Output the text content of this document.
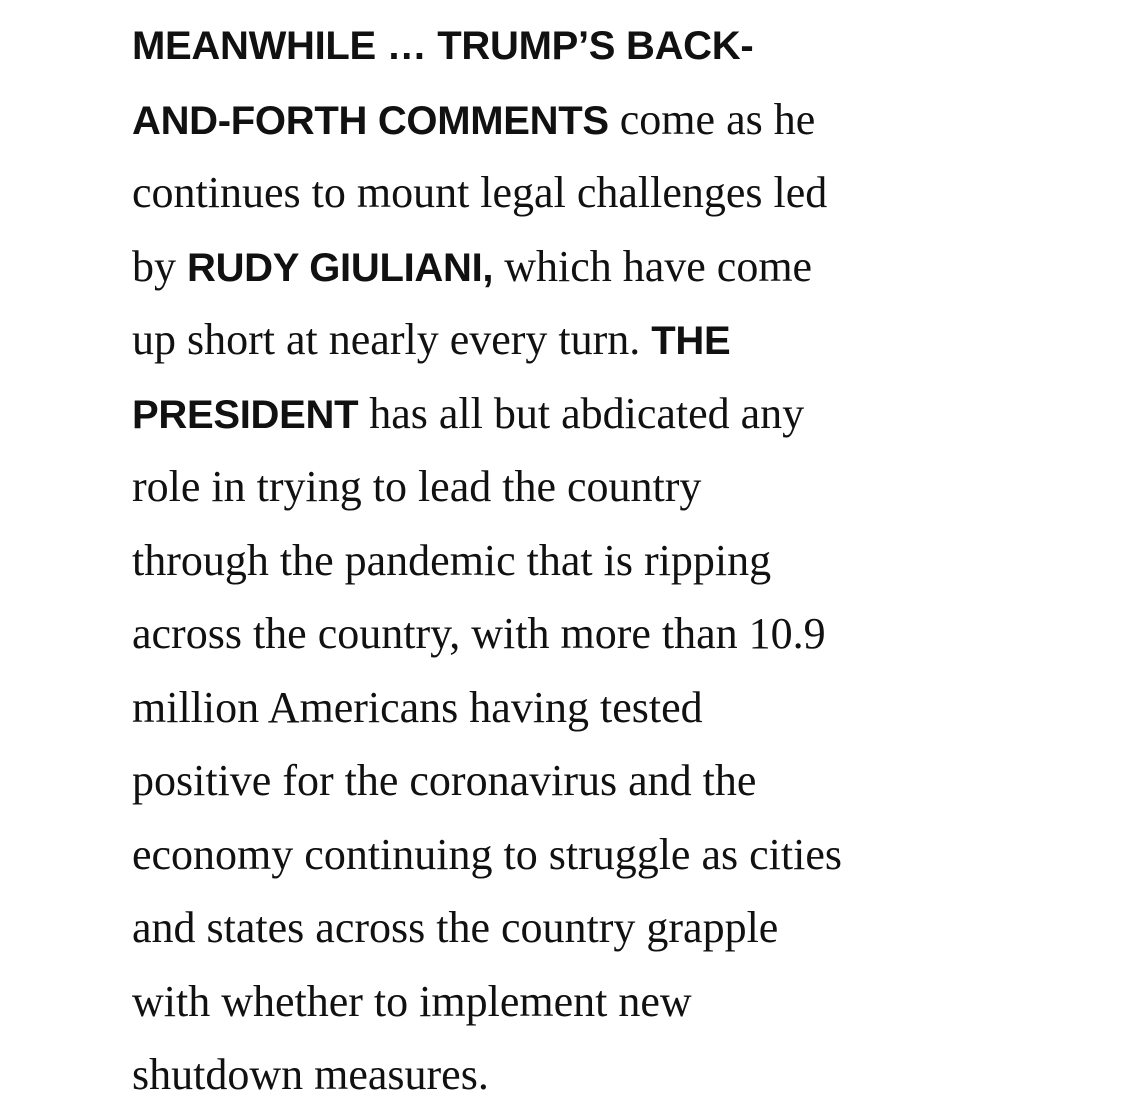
MEANWHILE … TRUMP’S BACK-
AND-FORTH COMMENTS come as he
continues to mount legal challenges led
by RUDY GIULIANI, which have come
up short at nearly every turn. THE
PRESIDENT has all but abdicated any
role in trying to lead the country
through the pandemic that is ripping
across the country, with more than 10.9
million Americans having tested
positive for the coronavirus and the
economy continuing to struggle as cities
and states across the country grapple
with whether to implement new
shutdown measures.
